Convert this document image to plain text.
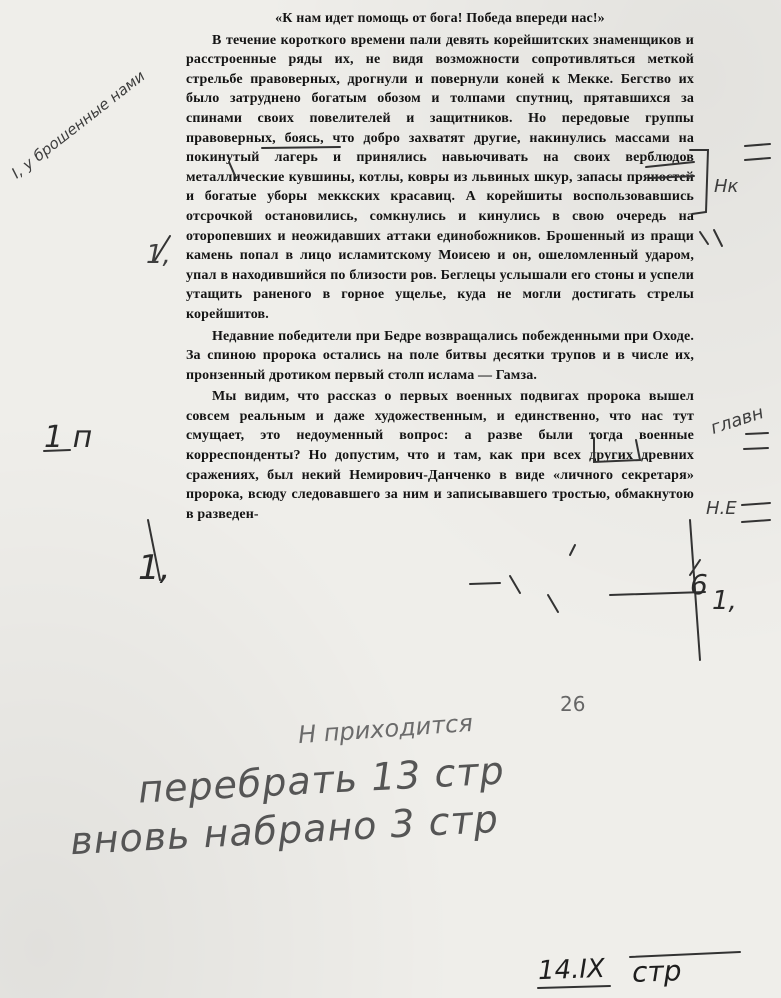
«К нам идет помощь от бога! Победа впереди нас!»

В течение короткого времени пали девять корейшитских знаменщиков и расстроенные ряды их, не видя возможности сопротивляться меткой стрельбе правоверных, дрогнули и повернули коней к Мекке. Бегство их было затруднено богатым обозом и толпами спутниц, прятавшихся за спинами своих повелителей и защитников. Но передовые группы правоверных, боясь, что добро захватят другие, накинулись массами на покинутый лагерь и принялись навьючивать на своих верблюдов металлические кувшины, котлы, ковры из львиных шкур, запасы пряностей и богатые уборы меккских красавиц. А корейшиты воспользовавшись отсрочкой остановились, сомкнулись и кинулись в свою очередь на оторопевших и неожидавших аттаки единобожников. Брошенный из пращи камень попал в лицо исламитскому Моисею и он, ошеломленный ударом, упал в находившийся по близости ров. Беглецы услышали его стоны и успели утащить раненого в горное ущелье, куда не могли достигать стрелы корейшитов.

Недавние победители при Бедре возвращались побежденными при Оходе. За спиною пророка остались на поле битвы десятки трупов и в числе их, пронзенный дротиком первый столп ислама — Гамза.

Мы видим, что рассказ о первых военных подвигах пророка вышел совсем реальным и даже художественным, и единственно, что нас тут смущает, это недоуменный вопрос: а разве были тогда военные корреспонденты? Но допустим, что и там, как при всех других древних сражениях, был некий Немирович-Данченко в виде «личного секретаря» пророка, всюду следовавшего за ним и записывавшего тростью, обмакнутою в разведен-

I, у брошенные нами
1 п
1,
1,
Нк
главн
Н.Е
6 1,
26
Н приходится
перебрать 13 стр
вновь набрано 3 стр
14.IX стр
